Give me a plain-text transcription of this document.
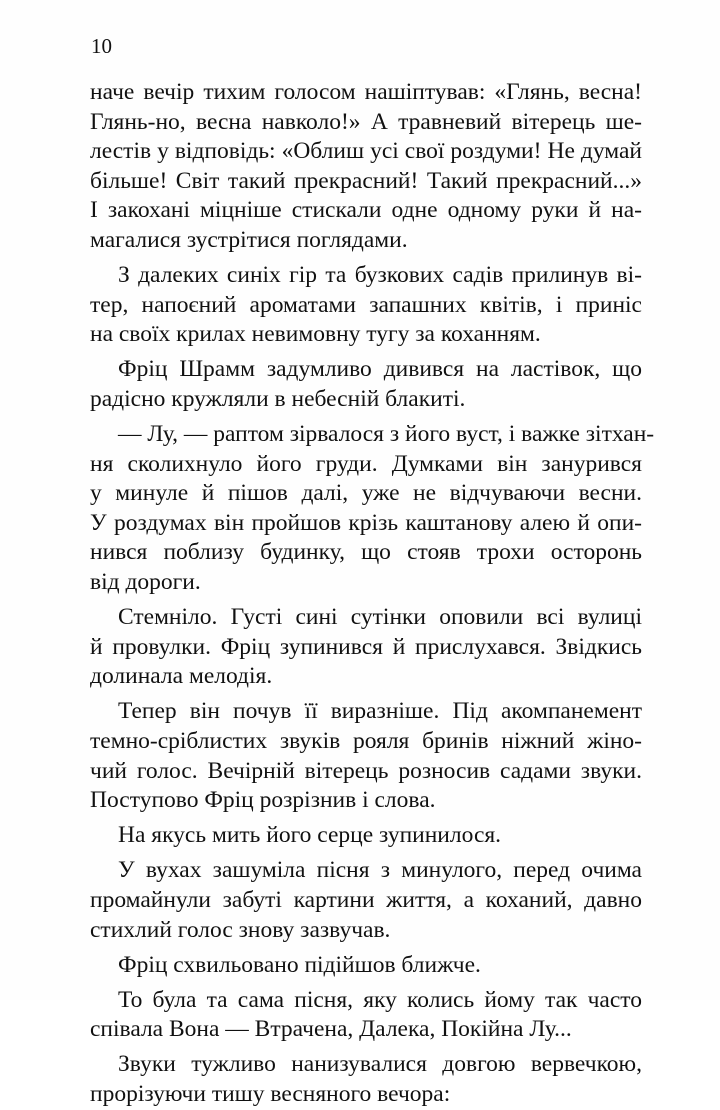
10
наче вечір тихим голосом нашіптував: «Глянь, весна!
Глянь-но, весна навколо!» А травневий вітерець ше-
лестів у відповідь: «Облиш усі свої роздуми! Не думай
більше! Світ такий прекрасний! Такий прекрасний...»
І закохані міцніше стискали одне одному руки й на-
магалися зустрітися поглядами.
З далеких синіх гір та бузкових садів прилинув ві-
тер, напоєний ароматами запашних квітів, і приніс
на своїх крилах невимовну тугу за коханням.
Фріц Шрамм задумливо дивився на ластівок, що
радісно кружляли в небесній блакиті.
— Лу, — раптом зірвалося з його вуст, і важке зітхан-
ня сколихнуло його груди. Думками він занурився
у минуле й пішов далі, уже не відчуваючи весни.
У роздумах він пройшов крізь каштанову алею й опи-
нився поблизу будинку, що стояв трохи осторонь
від дороги.
Стемніло. Густі сині сутінки оповили всі вулиці
й провулки. Фріц зупинився й прислухався. Звідкись
долинала мелодія.
Тепер він почув її виразніше. Під акомпанемент
темно-сріблистих звуків рояля бринів ніжний жіно-
чий голос. Вечірній вітерець розносив садами звуки.
Поступово Фріц розрізнив і слова.
На якусь мить його серце зупинилося.
У вухах зашуміла пісня з минулого, перед очима
промайнули забуті картини життя, а коханий, давно
стихлий голос знову зазвучав.
Фріц схвильовано підійшов ближче.
То була та сама пісня, яку колись йому так часто
співала Вона — Втрачена, Далека, Покійна Лу...
Звуки тужливо нанизувалися довгою вервечкою,
прорізуючи тишу весняного вечора:
